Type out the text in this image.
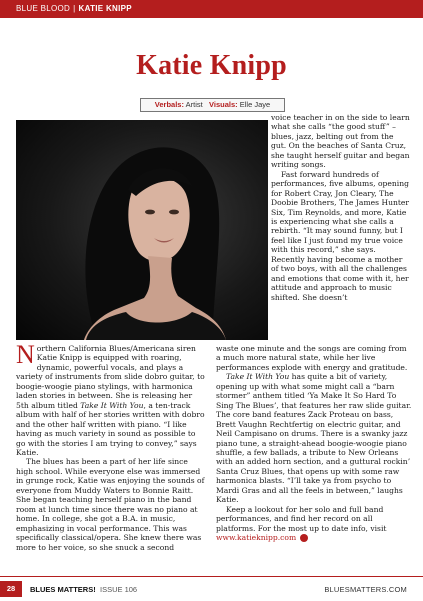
BLUE BLOOD | KATIE KNIPP
Katie Knipp
Verbals: Artist Visuals: Elle Jaye

voice teacher in on the side to learn what she calls “the good stuff” – blues, jazz, belting out from the gut. On the beaches of Santa Cruz, she taught herself guitar and began writing songs.

Fast forward hundreds of performances, five albums, opening for Robert Cray, Jon Cleary, The Doobie Brothers, The James Hunter Six, Tim Reynolds, and more, Katie is experiencing what she calls a rebirth. “It may sound funny, but I feel like I just found my true voice with this record,” she says. Recently having become a mother of two boys, with all the challenges and emotions that come with it, her attitude and approach to music shifted. She doesn’t

Northern California Blues/Americana siren Katie Knipp is equipped with roaring, dynamic, powerful vocals, and plays a variety of instruments from slide dobro guitar, to boogie-woogie piano stylings, with harmonica laden stories in between. She is releasing her 5th album titled Take It With You, a ten-track album with half of her stories written with dobro and the other half written with piano. “I like having as much variety in sound as possible to go with the stories I am trying to convey,” says Katie.

The blues has been a part of her life since high school. While everyone else was immersed in grunge rock, Katie was enjoying the sounds of everyone from Muddy Waters to Bonnie Raitt. She began teaching herself piano in the band room at lunch time since there was no piano at home. In college, she got a B.A. in music, emphasizing in vocal performance. This was specifically classical/opera. She knew there was more to her voice, so she snuck a second

waste one minute and the songs are coming from a much more natural state, while her live performances explode with energy and gratitude.

Take It With You has quite a bit of variety, opening up with what some might call a “barn stormer” anthem titled ‘Ya Make It So Hard To Sing The Blues’, that features her raw slide guitar. The core band features Zack Proteau on bass, Brett Vaughn Rechtfertig on electric guitar, and Neil Campisano on drums. There is a swanky jazz piano tune, a straight-ahead boogie-woogie piano shuffle, a few ballads, a tribute to New Orleans with an added horn section, and a guttural rockin’ Santa Cruz Blues, that opens up with some raw harmonica blasts. “I’ll take ya from psycho to Mardi Gras and all the feels in between,” laughs Katie.

Keep a lookout for her solo and full band performances, and find her record on all platforms. For the most up to date info, visit www.katieknipp.com

28	BLUES MATTERS! ISSUE 106	BLUESMATTERS.COM
